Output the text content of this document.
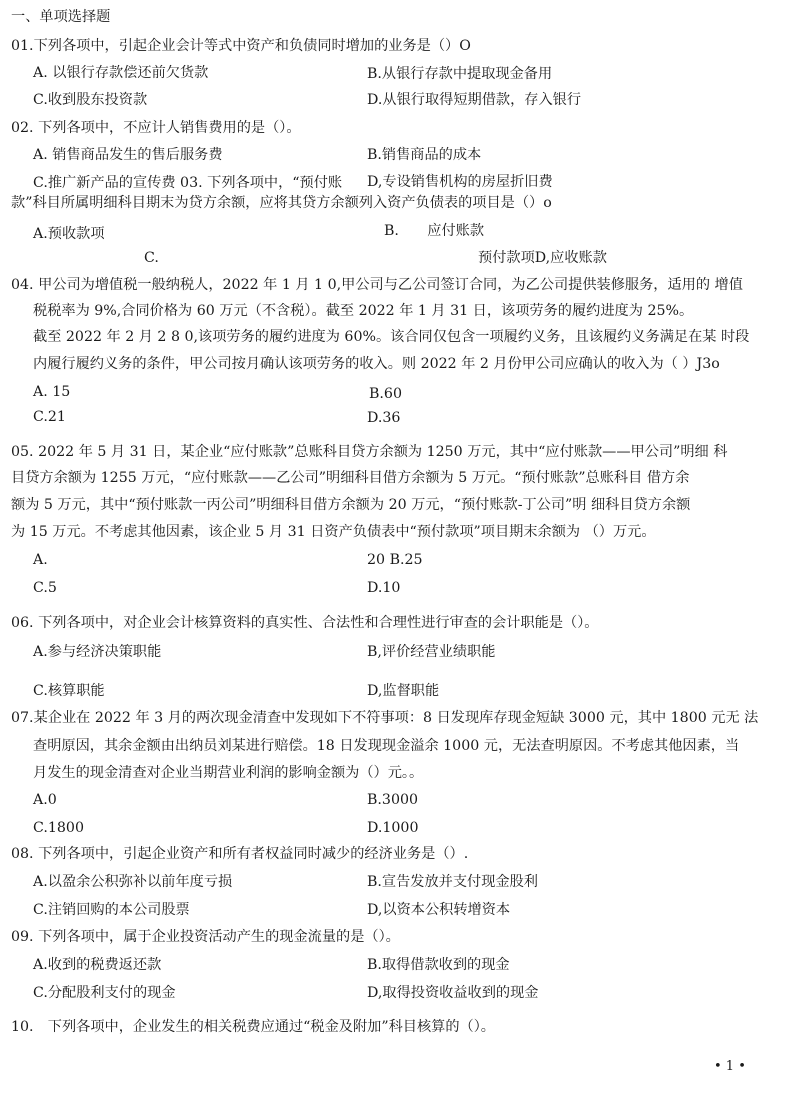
一、单项选择题
01.下列各项中，引起企业会计等式中资产和负债同时增加的业务是（）O
A. 以银行存款偿还前欠货款	B.从银行存款中提取现金备用
C.收到股东投资款	D.从银行取得短期借款，存入银行
02. 下列各项中，不应计人销售费用的是（）。
A. 销售商品发生的售后服务费	B.销售商品的成本
C.推广新产品的宣传费 03. 下列各项中，“预付账 D,专设销售机构的房屋折旧费
款”科目所属明细科目期末为贷方余额，应将其贷方余额列入资产负债表的项目是（）o
A.预收款项	B.　　应付账款
C.	预付款项D,应收账款
04. 甲公司为增值税一般纳税人，2022 年 1 月 1 0,甲公司与乙公司签订合同，为乙公司提供装修服务，适用的 增值
税税率为 9%,合同价格为 60 万元（不含税）。截至 2022 年 1 月 31 日，该项劳务的履约进度为 25%。
截至 2022 年 2 月 2 8 0,该项劳务的履约进度为 60%。该合同仅包含一项履约义务，且该履约义务满足在某 时段
内履行履约义务的条件，甲公司按月确认该项劳务的收入。则 2022 年 2 月份甲公司应确认的收入为（ ）J3o
A. 15	B.60
C.21	D.36
05. 2022 年 5 月 31 日，某企业“应付账款”总账科目贷方余额为 1250 万元，其中“应付账款——甲公司”明细 科
目贷方余额为 1255 万元，“应付账款——乙公司”明细科目借方余额为 5 万元。“预付账款”总账科目 借方余
额为 5 万元，其中“预付账款一丙公司”明细科目借方余额为 20 万元，“预付账款-丁公司”明 细科目贷方余额
为 15 万元。不考虑其他因素，该企业 5 月 31 日资产负债表中“预付款项”项目期末余额为 （）万元。
A.	20 B.25
C.5	D.10
06. 下列各项中，对企业会计核算资料的真实性、合法性和合理性进行审查的会计职能是（）。
A.参与经济决策职能	B,评价经营业绩职能
C.核算职能	D,监督职能
07.某企业在 2022 年 3 月的两次现金清查中发现如下不符事项：8 日发现库存现金短缺 3000 元，其中 1800 元无 法
查明原因，其余金额由出纳员刘某进行赔偿。18 日发现现金溢余 1000 元，无法查明原因。不考虑其他因素，当
月发生的现金清查对企业当期营业利润的影响金额为（）元。。
A.0	B.3000
C.1800	D.1000
08. 下列各项中，引起企业资产和所有者权益同时减少的经济业务是（）.
A.以盈余公积弥补以前年度亏损	B.宣告发放并支付现金股利
C.注销回购的本公司股票	D,以资本公积转增资本
09. 下列各项中，属于企业投资活动产生的现金流量的是（）。
A.收到的税费返还款	B.取得借款收到的现金
C.分配股利支付的现金	D,取得投资收益收到的现金
10.　下列各项中，企业发生的相关税费应通过“税金及附加”科目核算的（）。
• 1 •
